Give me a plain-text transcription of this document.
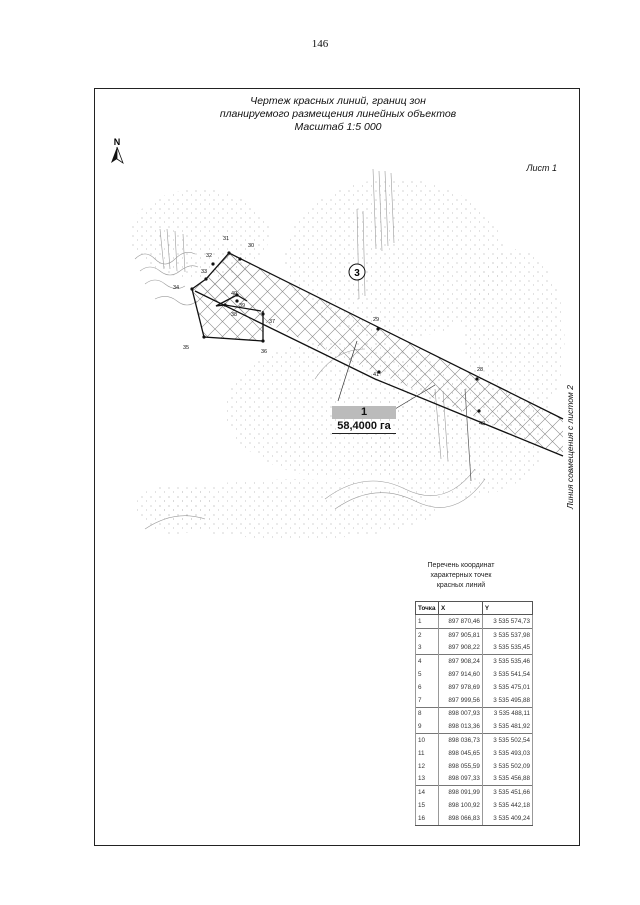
146
Чертеж красных линий, границ зон
планируемого размещения линейных объектов
Масштаб 1:5 000
Лист 1
N
31
30
32
33
34
40
39
38
37
35
36
29
41
28
42
3
1
58,4000 га	Линия совмещения с листом 2
Перечень координат
характерных точек
красных линий
Точка	X	Y
1	897 870,46	3 535 574,73
2	897 905,81	3 535 537,98
3	897 908,22	3 535 535,45
4	897 908,24	3 535 535,46
5	897 914,60	3 535 541,54
6	897 978,69	3 535 475,01
7	897 999,56	3 535 495,88
8	898 007,93	3 535 488,11
9	898 013,36	3 535 481,92
10	898 036,73	3 535 502,54
11	898 045,65	3 535 493,03
12	898 055,59	3 535 502,09
13	898 097,33	3 535 456,88
14	898 091,99	3 535 451,66
15	898 100,92	3 535 442,18
16	898 066,83	3 535 409,24
